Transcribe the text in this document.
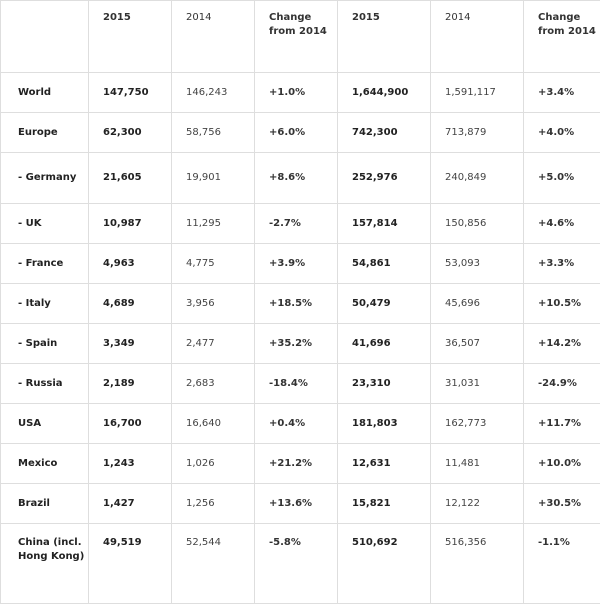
	2015	2014	Change from 2014	2015	2014	Change from 2014
World	147,750	146,243	+1.0%	1,644,900	1,591,117	+3.4%
Europe	62,300	58,756	+6.0%	742,300	713,879	+4.0%
- Germany	21,605	19,901	+8.6%	252,976	240,849	+5.0%
- UK	10,987	11,295	-2.7%	157,814	150,856	+4.6%
- France	4,963	4,775	+3.9%	54,861	53,093	+3.3%
- Italy	4,689	3,956	+18.5%	50,479	45,696	+10.5%
- Spain	3,349	2,477	+35.2%	41,696	36,507	+14.2%
- Russia	2,189	2,683	-18.4%	23,310	31,031	-24.9%
USA	16,700	16,640	+0.4%	181,803	162,773	+11.7%
Mexico	1,243	1,026	+21.2%	12,631	11,481	+10.0%
Brazil	1,427	1,256	+13.6%	15,821	12,122	+30.5%
China (incl. Hong Kong)	49,519	52,544	-5.8%	510,692	516,356	-1.1%
